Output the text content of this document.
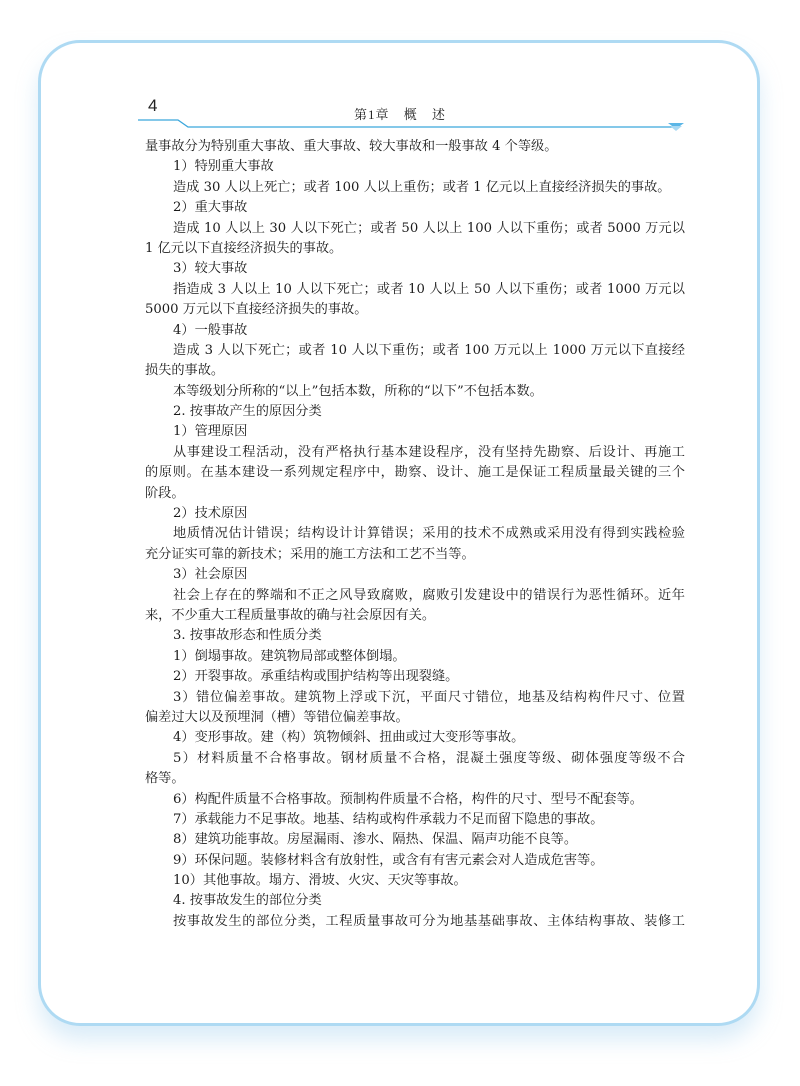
4	第1章 概 述
量事故分为特别重大事故、重大事故、较大事故和一般事故 4 个等级。
1）特别重大事故
造成 30 人以上死亡；或者 100 人以上重伤；或者 1 亿元以上直接经济损失的事故。
2）重大事故
造成 10 人以上 30 人以下死亡；或者 50 人以上 100 人以下重伤；或者 5000 万元以
1 亿元以下直接经济损失的事故。
3）较大事故
指造成 3 人以上 10 人以下死亡；或者 10 人以上 50 人以下重伤；或者 1000 万元以
5000 万元以下直接经济损失的事故。
4）一般事故
造成 3 人以下死亡；或者 10 人以下重伤；或者 100 万元以上 1000 万元以下直接经
损失的事故。
本等级划分所称的“以上”包括本数，所称的“以下”不包括本数。
2. 按事故产生的原因分类
1）管理原因
从事建设工程活动，没有严格执行基本建设程序，没有坚持先勘察、后设计、再施工
的原则。在基本建设一系列规定程序中，勘察、设计、施工是保证工程质量最关键的三个
阶段。
2）技术原因
地质情况估计错误；结构设计计算错误；采用的技术不成熟或采用没有得到实践检验
充分证实可靠的新技术；采用的施工方法和工艺不当等。
3）社会原因
社会上存在的弊端和不正之风导致腐败，腐败引发建设中的错误行为恶性循环。近年
来，不少重大工程质量事故的确与社会原因有关。
3. 按事故形态和性质分类
1）倒塌事故。建筑物局部或整体倒塌。
2）开裂事故。承重结构或围护结构等出现裂缝。
3）错位偏差事故。建筑物上浮或下沉，平面尺寸错位，地基及结构构件尺寸、位置
偏差过大以及预埋洞（槽）等错位偏差事故。
4）变形事故。建（构）筑物倾斜、扭曲或过大变形等事故。
5）材料质量不合格事故。钢材质量不合格，混凝土强度等级、砌体强度等级不合
格等。
6）构配件质量不合格事故。预制构件质量不合格，构件的尺寸、型号不配套等。
7）承载能力不足事故。地基、结构或构件承载力不足而留下隐患的事故。
8）建筑功能事故。房屋漏雨、渗水、隔热、保温、隔声功能不良等。
9）环保问题。装修材料含有放射性，或含有有害元素会对人造成危害等。
10）其他事故。塌方、滑坡、火灾、天灾等事故。
4. 按事故发生的部位分类
按事故发生的部位分类，工程质量事故可分为地基基础事故、主体结构事故、装修工
